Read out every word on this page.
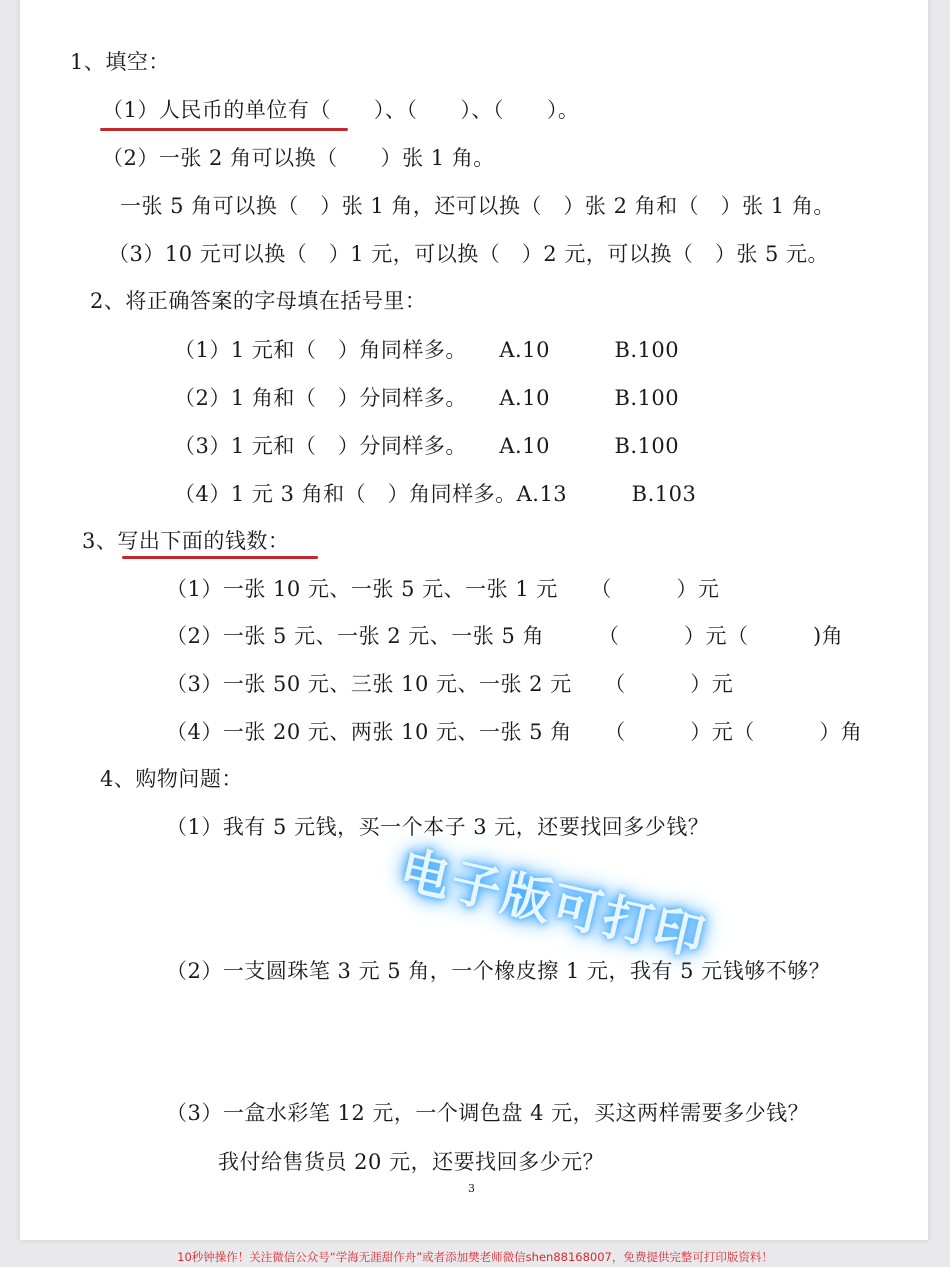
1、填空：
（1）人民币的单位有（　　）、（　　）、（　　）。
（2）一张 2 角可以换（　　）张 1 角。
一张 5 角可以换（　）张 1 角，还可以换（　）张 2 角和（　）张 1 角。
（3）10 元可以换（　）1 元，可以换（　）2 元，可以换（　）张 5 元。
2、将正确答案的字母填在括号里：
（1）1 元和（　）角同样多。　　A.10　　　B.100
（2）1 角和（　）分同样多。　　A.10　　　B.100
（3）1 元和（　）分同样多。　　A.10　　　B.100
（4）1 元 3 角和（　）角同样多。A.13　　　B.103
3、写出下面的钱数：
（1）一张 10 元、一张 5 元、一张 1 元　　（　　　）元
（2）一张 5 元、一张 2 元、一张 5 角　　　（　　　）元（　　　)角
（3）一张 50 元、三张 10 元、一张 2 元　　（　　　）元
（4）一张 20 元、两张 10 元、一张 5 角　　（　　　）元（　　　）角
4、购物问题：
（1）我有 5 元钱，买一个本子 3 元，还要找回多少钱？
（2）一支圆珠笔 3 元 5 角，一个橡皮擦 1 元，我有 5 元钱够不够？
（3）一盒水彩笔 12 元，一个调色盘 4 元，买这两样需要多少钱？
我付给售货员 20 元，还要找回多少元？
电子版可打印
3
10秒钟操作！关注微信公众号“学海无涯甜作舟”或者添加樊老师微信shen88168007，免费提供完整可打印版资料！
